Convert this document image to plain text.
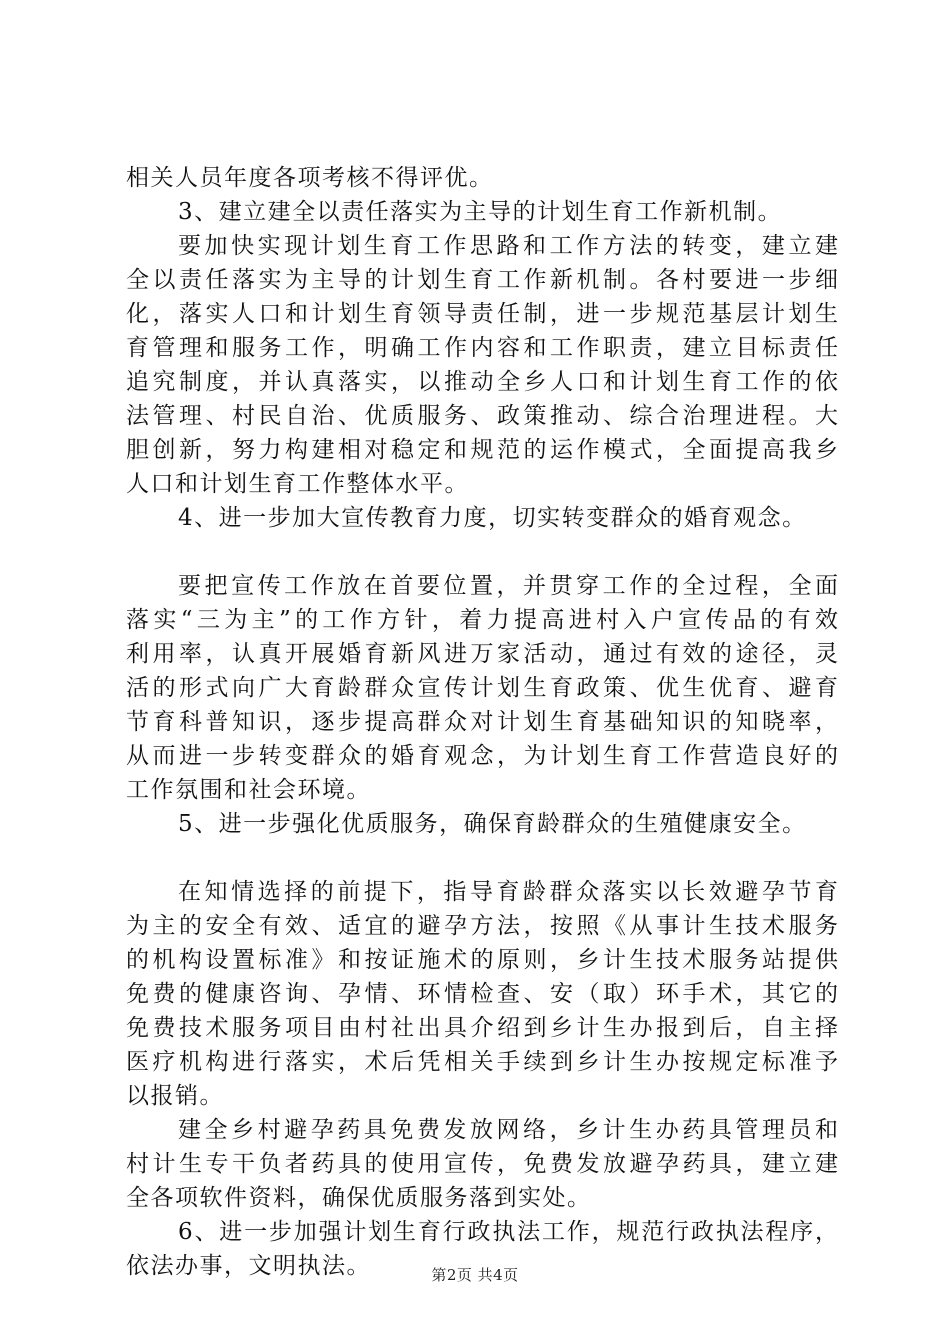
相关人员年度各项考核不得评优。
3、建立建全以责任落实为主导的计划生育工作新机制。
要加快实现计划生育工作思路和工作方法的转变，建立建
全以责任落实为主导的计划生育工作新机制。各村要进一步细
化，落实人口和计划生育领导责任制，进一步规范基层计划生
育管理和服务工作，明确工作内容和工作职责，建立目标责任
追究制度，并认真落实，以推动全乡人口和计划生育工作的依
法管理、村民自治、优质服务、政策推动、综合治理进程。大
胆创新，努力构建相对稳定和规范的运作模式，全面提高我乡
人口和计划生育工作整体水平。
4、进一步加大宣传教育力度，切实转变群众的婚育观念。
要把宣传工作放在首要位置，并贯穿工作的全过程，全面
落实“三为主”的工作方针，着力提高进村入户宣传品的有效
利用率，认真开展婚育新风进万家活动，通过有效的途径，灵
活的形式向广大育龄群众宣传计划生育政策、优生优育、避育
节育科普知识，逐步提高群众对计划生育基础知识的知晓率，
从而进一步转变群众的婚育观念，为计划生育工作营造良好的
工作氛围和社会环境。
5、进一步强化优质服务，确保育龄群众的生殖健康安全。
在知情选择的前提下，指导育龄群众落实以长效避孕节育
为主的安全有效、适宜的避孕方法，按照《从事计生技术服务
的机构设置标准》和按证施术的原则，乡计生技术服务站提供
免费的健康咨询、孕情、环情检查、安（取）环手术，其它的
免费技术服务项目由村社出具介绍到乡计生办报到后，自主择
医疗机构进行落实，术后凭相关手续到乡计生办按规定标准予
以报销。
建全乡村避孕药具免费发放网络，乡计生办药具管理员和
村计生专干负者药具的使用宣传，免费发放避孕药具，建立建
全各项软件资料，确保优质服务落到实处。
6、进一步加强计划生育行政执法工作，规范行政执法程序，
依法办事，文明执法。	第2页 共4页
